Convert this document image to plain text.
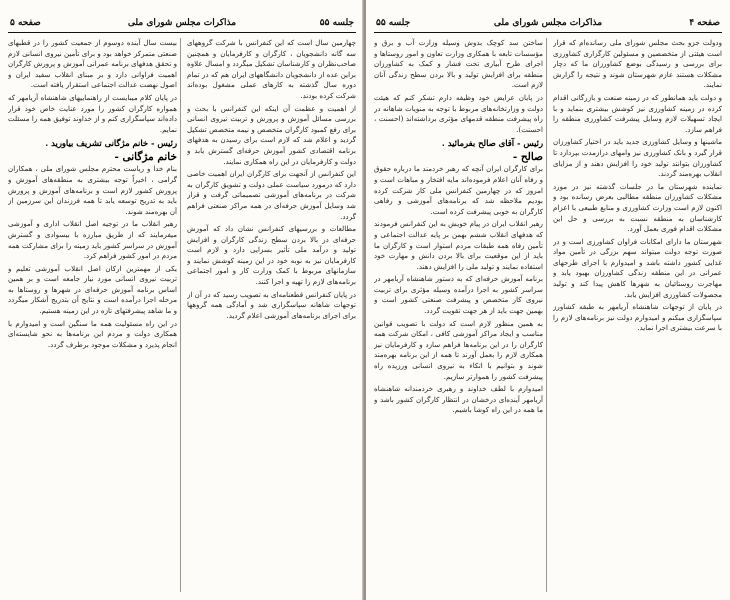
صفحه ۵	مذاکرات مجلس شورای ملی	جلسه ۵۵

چهارمین سال است که این کنفرانس با شرکت گروههای سه گانه دانشجویان ، کارگران و کارفرمایان و همچنین صاحب‌نظران و کارشناسان تشکیل میگردد و امسال علاوه براین عده از دانشجویان دانشگاههای ایران هم که در تمام دوره سال گذشته به کارهای عملی مشغول بوده‌اند شرکت کرده بودند.

از اهمیت و عظمت آن اینکه این کنفرانس با بحث و بررسی مسائل آموزش و پرورش و تربیت نیروی انسانی برای رفع کمبود کارگران متخصص و نیمه متخصص تشکیل گردید و اعلام شد که لازم است برای رسیدن به هدفهای برنامه اقتصادی کشور آموزش حرفه‌ای گسترش یابد و دولت و کارفرمایان در این راه همکاری نمایند.

این کنفرانس از آنجهت برای کارگران ایران اهمیت خاصی دارد که درمورد سیاست عملی دولت و تشویق کارگران به شرکت در برنامه‌های آموزشی تصمیماتی گرفت و قرار شد وسایل آموزش حرفه‌ای در همه مراکز صنعتی فراهم گردد.

مطالعات و بررسیهای کنفرانس نشان داد که آموزش حرفه‌ای در بالا بردن سطح زندگی کارگران و افزایش تولید و درآمد ملی تأثیر بسزایی دارد و لازم است کارفرمایان نیز به نوبه خود در این زمینه کوشش نمایند و سازمانهای مربوط با کمک وزارت کار و امور اجتماعی برنامه‌های لازم را تهیه و اجرا کنند.

در پایان کنفرانس قطعنامه‌ای به تصویب رسید که در آن از توجهات شاهانه سپاسگزاری شد و آمادگی همه گروهها برای اجرای برنامه‌های آموزشی اعلام گردید.

بیست سال آینده دوسوم از جمعیت کشور را در قطبهای صنعتی متمرکز خواهد بود و برای تأمین نیروی انسانی لازم و تحقق هدفهای برنامه عمرانی آموزش و پرورش کارگران اهمیت فراوانی دارد و بر مبنای انقلاب سفید ایران و اصول نهضت عدالت اجتماعی استقرار یافته است.

در پایان کلام میبایست از راهنماییهای شاهنشاه آریامهر که همواره کارگران کشور را مورد عنایت خاص خود قرار داده‌اند سپاسگزاری کنم و از خداوند توفیق همه را مسئلت نمایم.

رئیس - خانم مژگانی تشریف بیاورید .
خانم مژگانی -

بنام خدا و ریاست محترم مجلس شورای ملی ، همکاران گرامی ، اخیراً توجه بیشتری به منطقه‌های آموزش و پرورش کشور لازم است و برنامه‌های آموزش و پرورش باید به تدریج توسعه یابد تا همه فرزندان این سرزمین از آن بهره‌مند شوند.

رهبر انقلاب ما در توجیه اصل انقلاب اداری و آموزشی میفرمایند که از طریق مبارزه با بیسوادی و گسترش آموزش در سراسر کشور باید زمینه را برای مشارکت همه مردم در امور کشور فراهم کرد.

یکی از مهمترین ارکان اصل انقلاب آموزشی تعلیم و تربیت نیروی انسانی مورد نیاز جامعه است و بر همین اساس برنامه آموزش حرفه‌ای در شهرها و روستاها به مرحله اجرا درآمده است و نتایج آن بتدریج آشکار میگردد و ما شاهد پیشرفتهای تازه در این زمینه هستیم.

در این راه مسئولیت همه ما سنگین است و امیدوارم با همکاری دولت و مردم این برنامه‌ها به نحو شایسته‌ای انجام پذیرد و مشکلات موجود برطرف گردد.

جلسه ۵۵	مذاکرات مجلس شورای ملی	صفحه ۴

ودولت جزو بحث مجلس شورای ملی رسانده‌ام که قرار است هیئتی از متخصصین و مسئولین کارگزاری کشاورزی برای بررسی و رسیدگی بوضع کشاورزان ما که دچار مشکلات هستند عازم شهرستان شوند و نتیجه را گزارش نمایند.

و دولت باید همانطور که در زمینه صنعت و بازرگانی اقدام کرده در زمینه کشاورزی نیز کوشش بیشتری بنماید و با ایجاد تسهیلات لازم وسایل پیشرفت کشاورزی منطقه را فراهم سازد.

ماشینها و وسایل کشاورزی جدید باید در اختیار کشاورزان قرار گیرد و بانک کشاورزی نیز وامهای درازمدت بپردازد تا کشاورزان بتوانند تولید خود را افزایش دهند و از مزایای انقلاب بهره‌مند گردند.

نماینده شهرستان ما در جلسات گذشته نیز در مورد مشکلات کشاورزان منطقه مطالبی بعرض رسانده بود و اکنون لازم است وزارت کشاورزی و منابع طبیعی با اعزام کارشناسان به منطقه نسبت به بررسی و حل این مشکلات اقدام فوری بعمل آورد.

شهرستان ما دارای امکانات فراوان کشاورزی است و در صورت توجه دولت میتواند سهم بزرگی در تأمین مواد غذایی کشور داشته باشد و امیدوارم با اجرای طرحهای عمرانی در این منطقه زندگی کشاورزان بهبود یابد و مهاجرت روستائیان به شهرها کاهش پیدا کند و تولید محصولات کشاورزی افزایش یابد.

در پایان از توجهات شاهنشاه آریامهر به طبقه کشاورز سپاسگزاری میکنم و امیدوارم دولت نیز برنامه‌های لازم را با سرعت بیشتری اجرا نماید.

ساختن سد کوچک بدوش وسیله وزارت آب و برق و مؤسسات تابعه با همکاری وزارت تعاون و امور روستاها و اجرای طرح آبیاری تحت فشار و کمک به کشاورزان منطقه برای افزایش تولید و بالا بردن سطح زندگی آنان لازم است.

در پایان عرایض خود وظیفه دارم تشکر کنم که هیئت دولت و وزارتخانه‌های مربوط با توجه به منویات شاهانه در راه پیشرفت منطقه قدمهای مؤثری برداشته‌اند (احسنت ، احسنت).

رئیس - آقای صالح بفرمائید .
صالح -

برای کارگران ایران آنچه که رهبر خردمند ما درباره حقوق و رفاه آنان اعلام فرموده‌اند مایه افتخار و مباهات است و امروز که در چهارمین کنفرانس ملی کار شرکت کرده بودیم ملاحظه شد که برنامه‌های آموزشی و رفاهی کارگران به خوبی پیشرفت کرده است.

رهبر انقلاب ایران در پیام خویش به این کنفرانس فرمودند که هدفهای انقلاب ششم بهمن بر پایه عدالت اجتماعی و تأمین رفاه همه طبقات مردم استوار است و کارگران ما باید از این موقعیت برای بالا بردن دانش و مهارت خود استفاده نمایند و تولید ملی را افزایش دهند.

برنامه آموزش حرفه‌ای که به دستور شاهنشاه آریامهر در سراسر کشور به اجرا درآمده وسیله مؤثری برای تربیت نیروی کار متخصص و پیشرفت صنعتی کشور است و بهمین جهت باید از هر جهت تقویت گردد.

به همین منظور لازم است که دولت با تصویب قوانین مناسب و ایجاد مراکز آموزشی کافی ، امکان شرکت همه کارگران را در این برنامه‌ها فراهم سازد و کارفرمایان نیز همکاری لازم را بعمل آورند تا همه از این برنامه بهره‌مند شوند و بتوانیم با اتکاء به نیروی انسانی ورزیده راه پیشرفت کشور را هموارتر سازیم.

امیدوارم با لطف خداوند و رهبری خردمندانه شاهنشاه آریامهر آینده‌ای درخشان در انتظار کارگران کشور باشد و ما همه در این راه کوشا باشیم.
